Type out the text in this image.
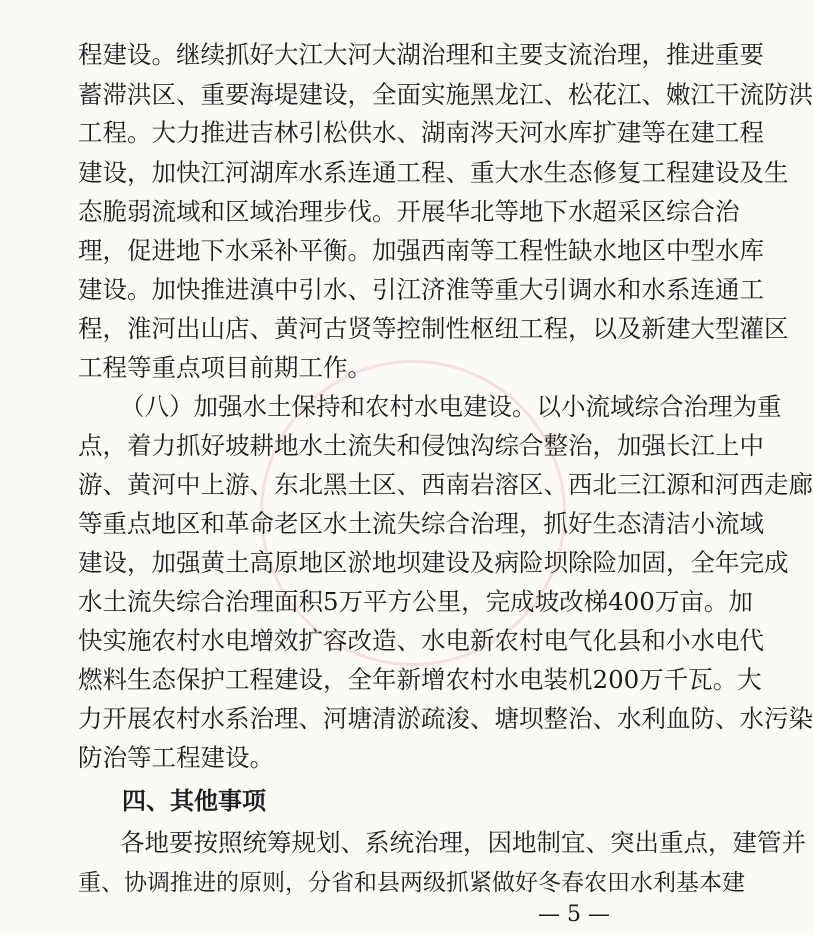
程建设。继续抓好大江大河大湖治理和主要支流治理，推进重要

蓄滞洪区、重要海堤建设，全面实施黑龙江、松花江、嫩江干流防洪

工程。大力推进吉林引松供水、湖南涔天河水库扩建等在建工程

建设，加快江河湖库水系连通工程、重大水生态修复工程建设及生

态脆弱流域和区域治理步伐。开展华北等地下水超采区综合治

理，促进地下水采补平衡。加强西南等工程性缺水地区中型水库

建设。加快推进滇中引水、引江济淮等重大引调水和水系连通工

程，淮河出山店、黄河古贤等控制性枢纽工程，以及新建大型灌区

工程等重点项目前期工作。

（八）加强水土保持和农村水电建设。以小流域综合治理为重

点，着力抓好坡耕地水土流失和侵蚀沟综合整治，加强长江上中

游、黄河中上游、东北黑土区、西南岩溶区、西北三江源和河西走廊

等重点地区和革命老区水土流失综合治理，抓好生态清洁小流域

建设，加强黄土高原地区淤地坝建设及病险坝除险加固，全年完成

水土流失综合治理面积5万平方公里，完成坡改梯400万亩。加

快实施农村水电增效扩容改造、水电新农村电气化县和小水电代

燃料生态保护工程建设，全年新增农村水电装机200万千瓦。大

力开展农村水系治理、河塘清淤疏浚、塘坝整治、水利血防、水污染

防治等工程建设。

四、其他事项

各地要按照统筹规划、系统治理，因地制宜、突出重点，建管并

重、协调推进的原则，分省和县两级抓紧做好冬春农田水利基本建

— 5 —
